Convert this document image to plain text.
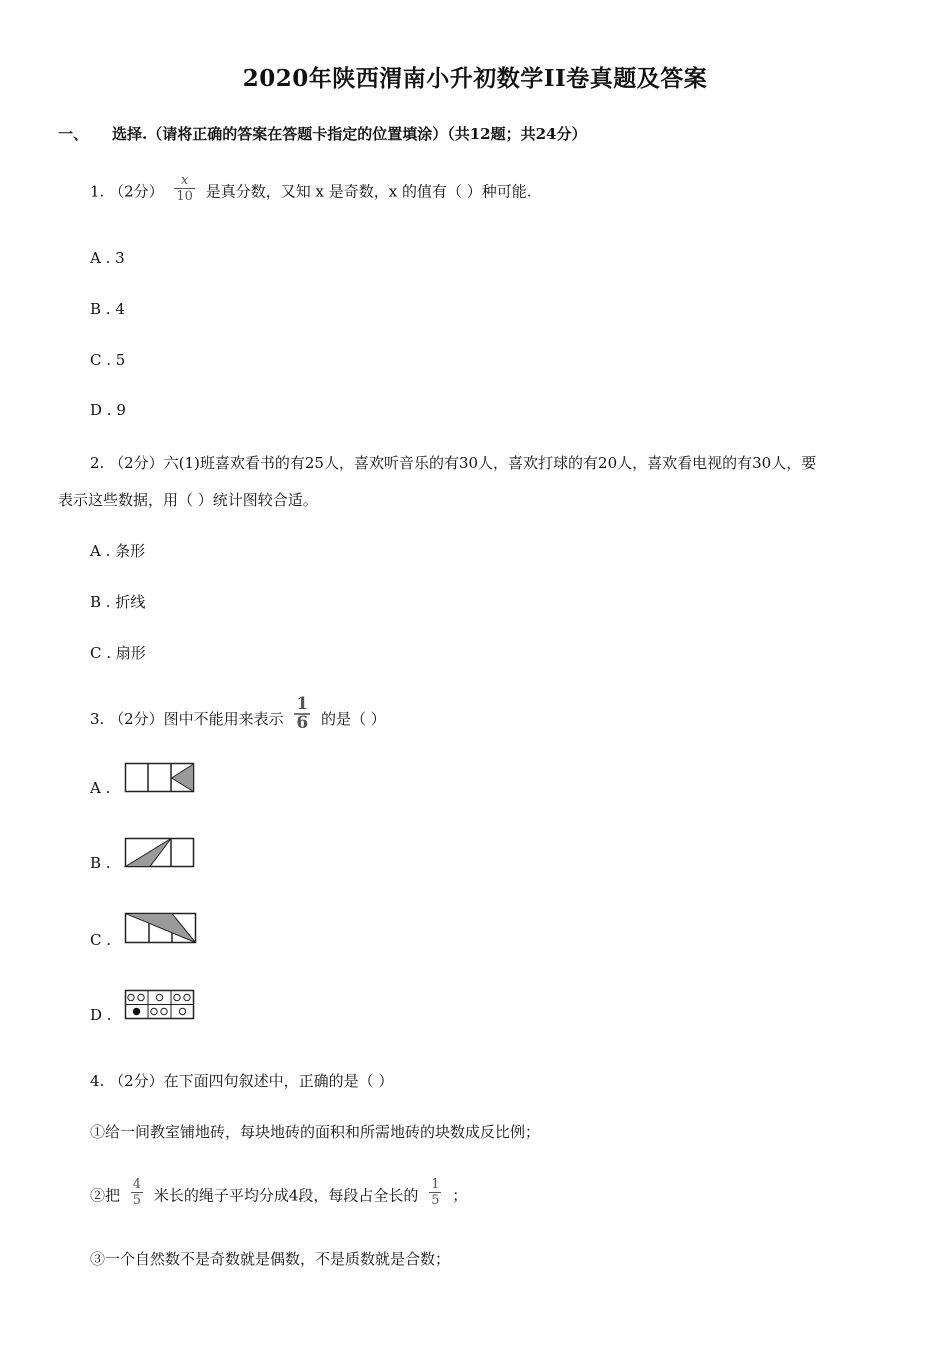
2020年陕西渭南小升初数学II卷真题及答案
一、 选择.（请将正确的答案在答题卡指定的位置填涂）（共12题；共24分）
1. （2分） $\frac{x}{10}$ 是真分数，又知 x 是奇数，x 的值有（ ）种可能.
A . 3
B . 4
C . 5
D . 9
2. （2分）六(1)班喜欢看书的有25人，喜欢听音乐的有30人，喜欢打球的有20人，喜欢看电视的有30人，要
表示这些数据，用（ ）统计图较合适。
A . 条形
B . 折线
C . 扇形
3. （2分）图中不能用来表示 $\frac{1}{6}$ 的是（ ）
A .
B .
C .
D .
4. （2分）在下面四句叙述中，正确的是（ ）
①给一间教室铺地砖，每块地砖的面积和所需地砖的块数成反比例；
②把 $\frac{4}{5}$ 米长的绳子平均分成4段，每段占全长的 $\frac{1}{5}$ ；
③一个自然数不是奇数就是偶数，不是质数就是合数；
